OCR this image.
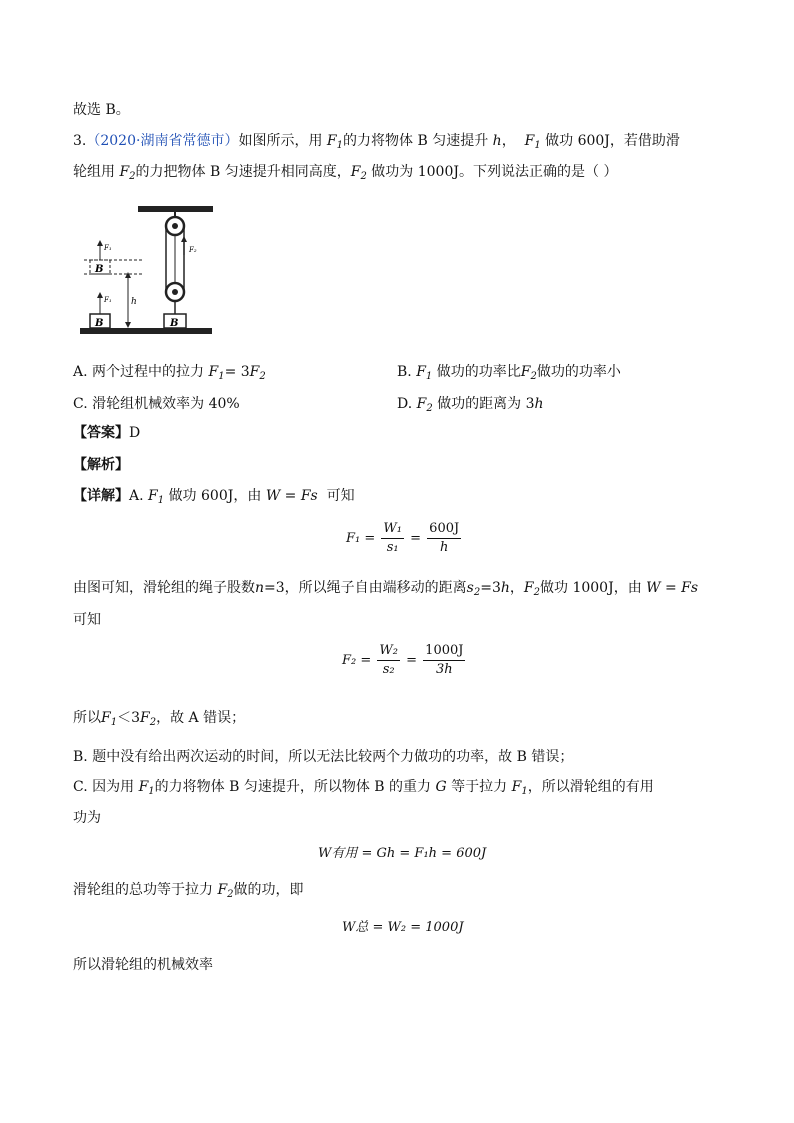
故选 B。
3.（2020·湖南省常德市）如图所示，用 $F_1$的力将物体 B 匀速提升 h，  $F_1$ 做功 600J，若借助滑
轮组用 $F_2$的力把物体 B 匀速提升相同高度，$F_2$ 做功为 1000J。下列说法正确的是（ ）
B
B
F₁
F₁
h
F₂
B
A. 两个过程中的拉力 $F_1= 3F_2$	B. $F_1$ 做功的功率比$F_2$做功的功率小
C. 滑轮组机械效率为 40%	D. $F_2$ 做功的距离为 3h
【答案】D
【解析】
【详解】A. $F_1$ 做功 600J，由 W = Fs 可知
$F_1 = \frac{\text{W₁}}{\text{s₁}} = \frac{600J}{h}$
由图可知，滑轮组的绳子股数n=3，所以绳子自由端移动的距离$s_2=3h$，$F_2$做功 1000J，由 W = Fs
可知
$F_2 = \frac{\text{W₂}}{\text{s₂}} = \frac{1000J}{3h}$
所以$F_1<3F_2$，故 A 错误；
B. 题中没有给出两次运动的时间，所以无法比较两个力做功的功率，故 B 错误；
C. 因为用 $F_1$的力将物体 B 匀速提升，所以物体 B 的重力 G 等于拉力 $F_1$，所以滑轮组的有用
功为
W有用 = Gh = F₁h = 600J
滑轮组的总功等于拉力 $F_2$做的功，即
W总 = W₂ = 1000J
所以滑轮组的机械效率
